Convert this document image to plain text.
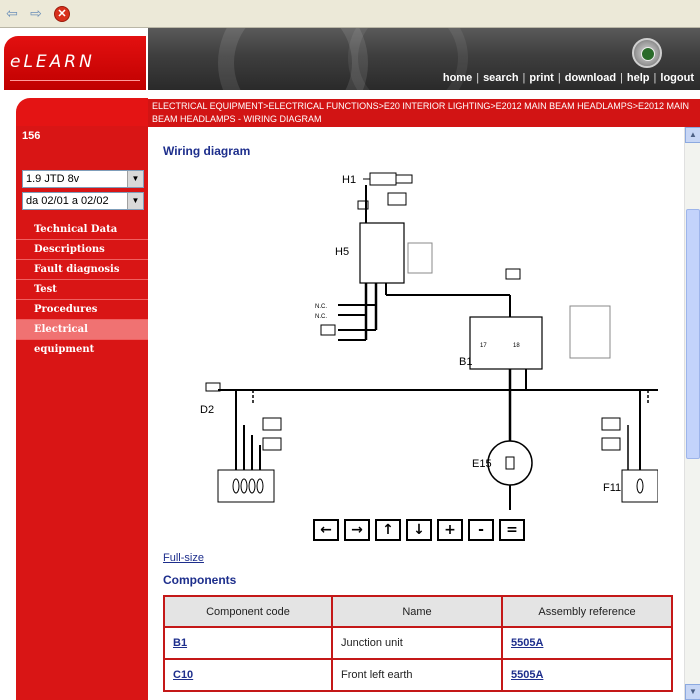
⇦ ⇨	✕
eLEARN
home | search | print | download | help | logout
156
1.9 JTD 8v	▼
da 02/01 a 02/02	▼
Technical Data
Descriptions
Fault diagnosis
Test
Procedures
Electrical equipment
ELECTRICAL EQUIPMENT>ELECTRICAL FUNCTIONS>E20 INTERIOR LIGHTING>E2012 MAIN BEAM HEADLAMPS>E2012 MAIN BEAM HEADLAMPS - WIRING DIAGRAM
Wiring diagram
H1
H5
B1
E15
F11
D2
N.C.
N.C.
17	18
←	→	↑	↓	+	-	=
Full-size
Components
Component code	Name	Assembly reference
B1	Junction unit	5505A
C10	Front left earth	5505A
▲
▼
